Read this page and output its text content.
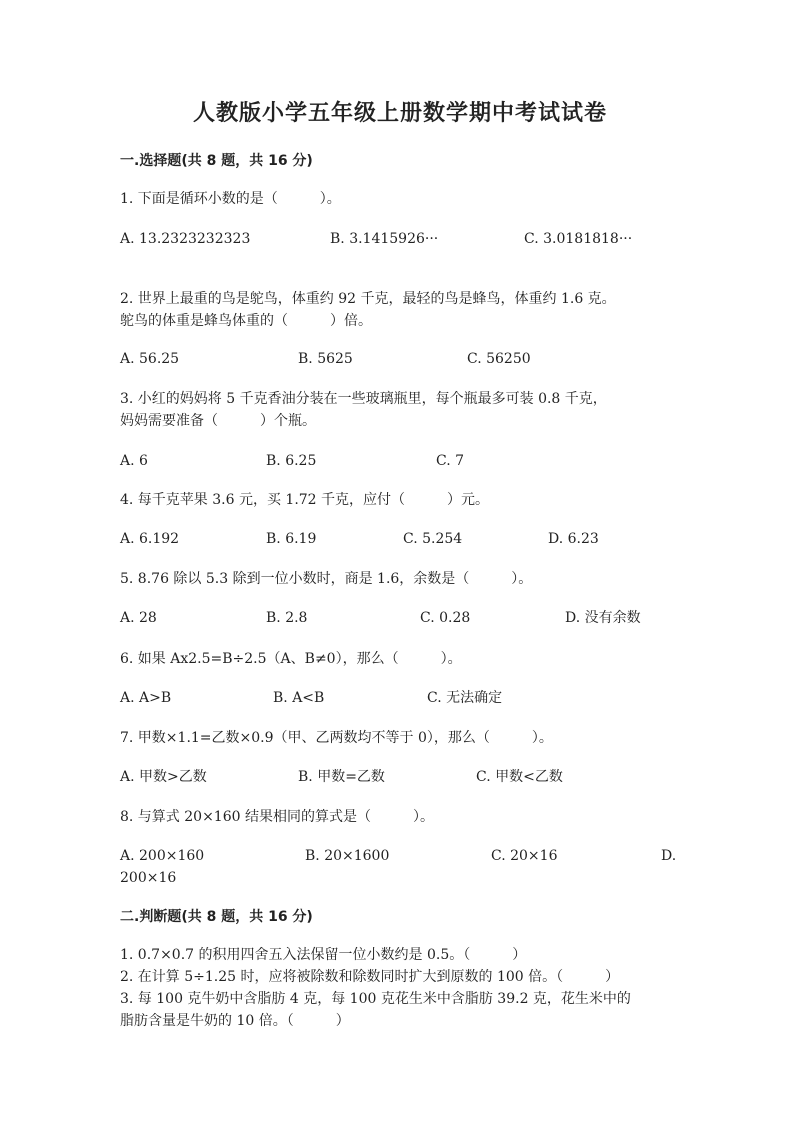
人教版小学五年级上册数学期中考试试卷
一.选择题(共 8 题，共 16 分)
1. 下面是循环小数的是（　　　）。
A. 13.2323232323	B. 3.1415926···	C. 3.0181818···
2. 世界上最重的鸟是鸵鸟，体重约 92 千克，最轻的鸟是蜂鸟，体重约 1.6 克。
鸵鸟的体重是蜂鸟体重的（　　　）倍。
A. 56.25	B. 5625	C. 56250
3. 小红的妈妈将 5 千克香油分装在一些玻璃瓶里，每个瓶最多可装 0.8 千克，
妈妈需要准备（　　　）个瓶。
A. 6	B. 6.25	C. 7
4. 每千克苹果 3.6 元，买 1.72 千克，应付（　　　）元。
A. 6.192	B. 6.19	C. 5.254	D. 6.23
5. 8.76 除以 5.3 除到一位小数时，商是 1.6，余数是（　　　）。
A. 28	B. 2.8	C. 0.28	D. 没有余数
6. 如果 Ax2.5=B÷2.5（A、B≠0），那么（　　　）。
A. A>B	B. A<B	C. 无法确定
7. 甲数×1.1=乙数×0.9（甲、乙两数均不等于 0），那么（　　　）。
A. 甲数>乙数	B. 甲数=乙数	C. 甲数<乙数
8. 与算式 20×160 结果相同的算式是（　　　）。
A. 200×160	B. 20×1600	C. 20×16	D.
200×16
二.判断题(共 8 题，共 16 分)
1. 0.7×0.7 的积用四舍五入法保留一位小数约是 0.5。（　　　）
2. 在计算 5÷1.25 时，应将被除数和除数同时扩大到原数的 100 倍。（　　　）
3. 每 100 克牛奶中含脂肪 4 克，每 100 克花生米中含脂肪 39.2 克，花生米中的
脂肪含量是牛奶的 10 倍。（　　　）
